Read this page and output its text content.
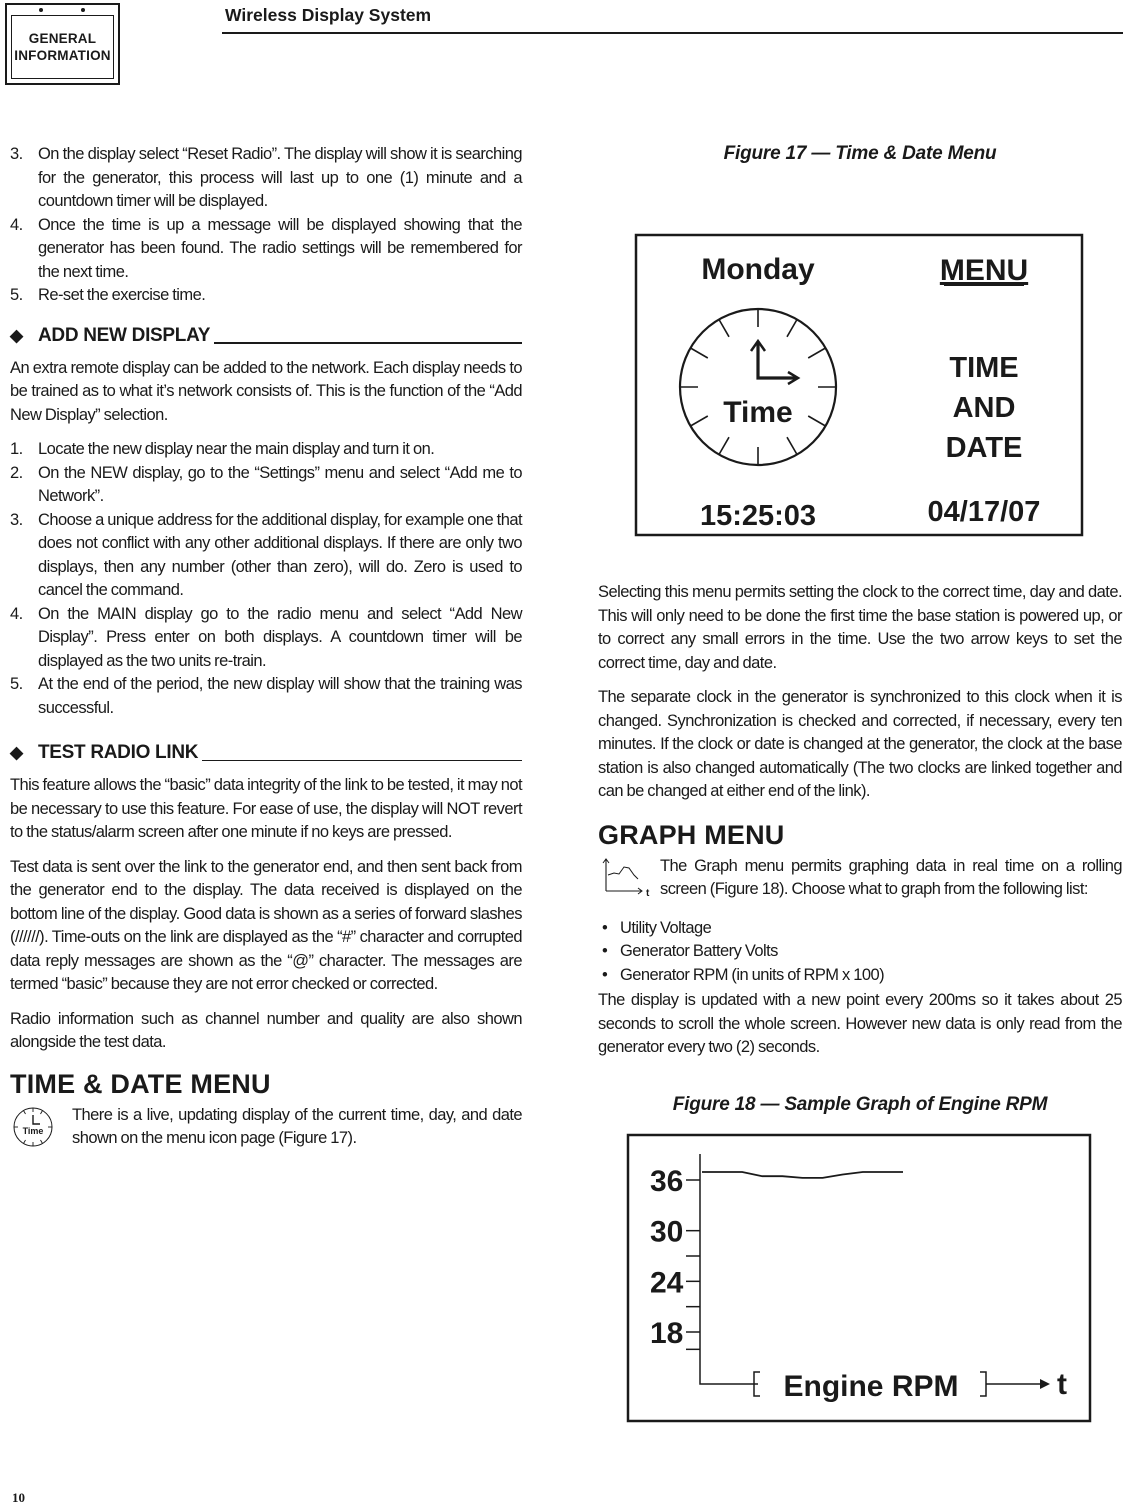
GENERAL
INFORMATION
Wireless Display System
3. On the display select “Reset Radio”. The display will show it is searching for the generator, this process will last up to one (1) minute and a countdown timer will be displayed.
4. Once the time is up a message will be displayed showing that the generator has been found. The radio settings will be remembered for the next time.
5. Re-set the exercise time.
◆ ADD NEW DISPLAY

An extra remote display can be added to the network. Each display needs to be trained as to what it’s network consists of. This is the function of the “Add New Display” selection.

1. Locate the new display near the main display and turn it on.
2. On the NEW display, go to the “Settings” menu and select “Add me to Network”.
3. Choose a unique address for the additional display, for example one that does not conflict with any other additional displays. If there are only two displays, then any number (other than zero), will do. Zero is used to cancel the command.
4. On the MAIN display go to the radio menu and select “Add New Display”. Press enter on both displays. A countdown timer will be displayed as the two units re-train.
5. At the end of the period, the new display will show that the training was successful.
◆ TEST RADIO LINK

This feature allows the “basic” data integrity of the link to be tested, it may not be necessary to use this feature. For ease of use, the display will NOT revert to the status/alarm screen after one minute if no keys are pressed.

Test data is sent over the link to the generator end, and then sent back from the generator end to the display. The data received is displayed on the bottom line of the display. Good data is shown as a series of forward slashes (//////). Time-outs on the link are displayed as the “#” character and corrupted data reply messages are shown as the “@” character. The messages are termed “basic” because they are not error checked or corrected.

Radio information such as channel number and quality are also shown alongside the test data.

TIME & DATE MENU
Time

There is a live, updating display of the current time, day, and date shown on the menu icon page (Figure 17).

Figure 17 — Time & Date Menu
Monday	MENU
Time
TIME
AND
DATE
15:25:03	04/17/07

Selecting this menu permits setting the clock to the correct time, day and date. This will only need to be done the first time the base station is powered up, or to correct any small errors in the time. Use the two arrow keys to set the correct time, day and date.

The separate clock in the generator is synchronized to this clock when it is changed. Synchronization is checked and corrected, if necessary, every ten minutes. If the clock or date is changed at the generator, the clock at the base station is also changed automatically (The two clocks are linked together and can be changed at either end of the link).

GRAPH MENU
t

The Graph menu permits graphing data in real time on a rolling screen (Figure 18). Choose what to graph from the following list:

• Utility Voltage
• Generator Battery Volts
• Generator RPM (in units of RPM x 100)

The display is updated with a new point every 200ms so it takes about 25 seconds to scroll the whole screen. However new data is only read from the generator every two (2) seconds.

Figure 18 — Sample Graph of Engine RPM
36
30
24
18
Engine RPM	t
10
